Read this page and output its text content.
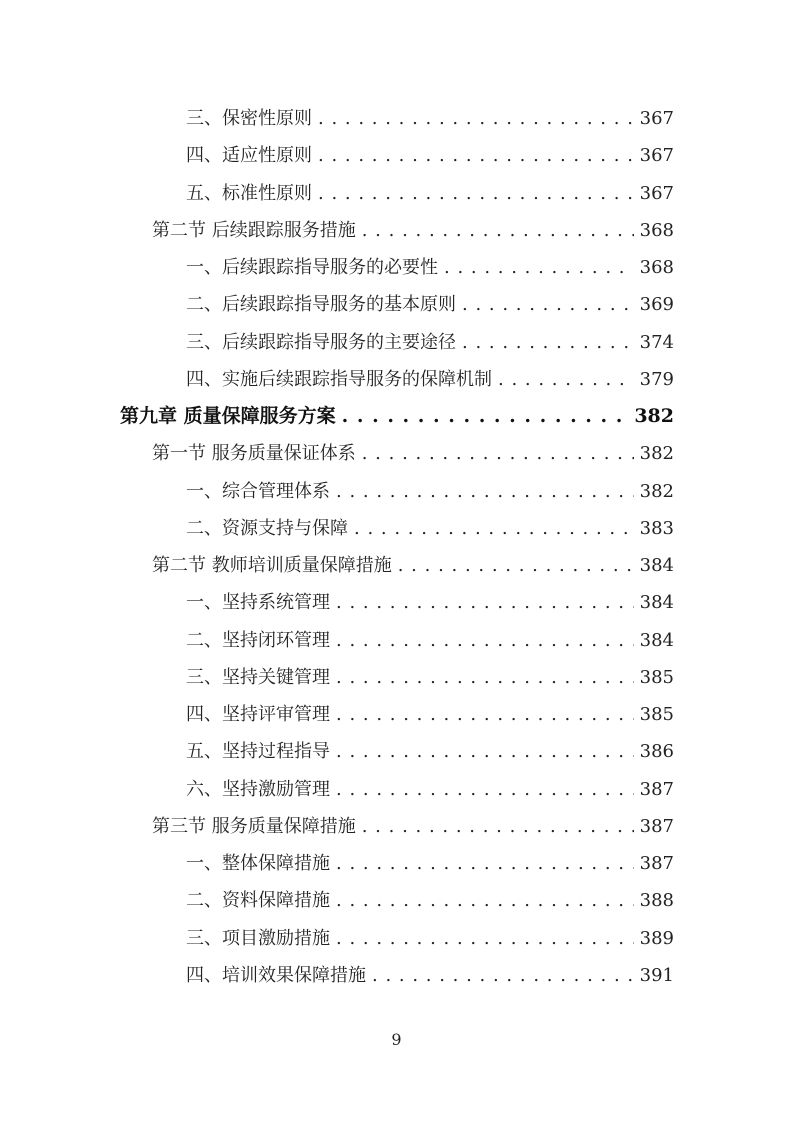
三、保密性原则 . . .	367
四、适应性原则 . . .	367
五、标准性原则 . . .	367
第二节 后续跟踪服务措施 . . .	368
一、后续跟踪指导服务的必要性 . . .	368
二、后续跟踪指导服务的基本原则 . . .	369
三、后续跟踪指导服务的主要途径 . . .	374
四、实施后续跟踪指导服务的保障机制 . . .	379
第九章 质量保障服务方案 . . .	382
第一节 服务质量保证体系 . . .	382
一、综合管理体系 . . .	382
二、资源支持与保障 . . .	383
第二节 教师培训质量保障措施 . . .	384
一、坚持系统管理 . . .	384
二、坚持闭环管理 . . .	384
三、坚持关键管理 . . .	385
四、坚持评审管理 . . .	385
五、坚持过程指导 . . .	386
六、坚持激励管理 . . .	387
第三节 服务质量保障措施 . . .	387
一、整体保障措施 . . .	387
二、资料保障措施 . . .	388
三、项目激励措施 . . .	389
四、培训效果保障措施 . . .	391
9
